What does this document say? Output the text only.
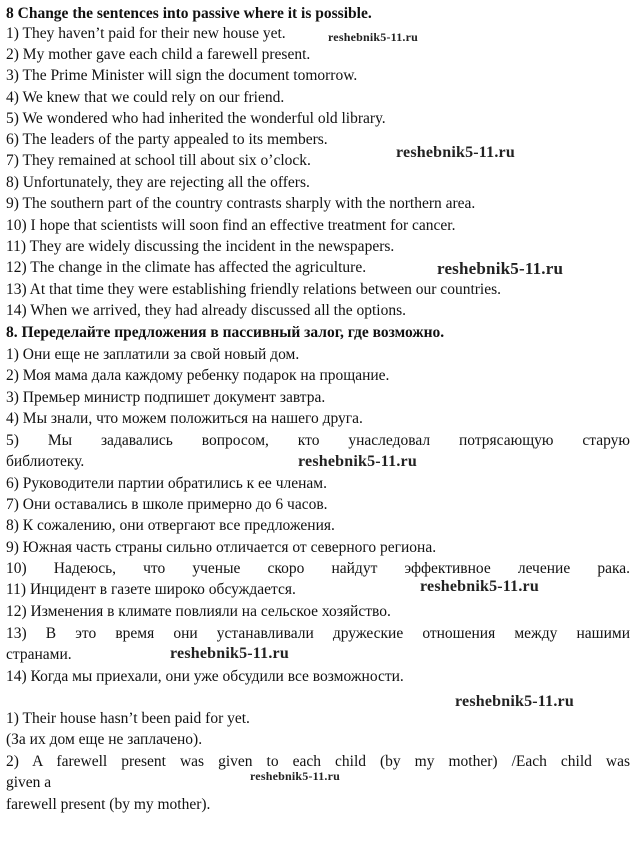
8 Change the sentences into passive where it is possible.
1) They haven’t paid for their new house yet.
2) My mother gave each child a farewell present.
3) The Prime Minister will sign the document tomorrow.
4) We knew that we could rely on our friend.
5) We wondered who had inherited the wonderful old library.
6) The leaders of the party appealed to its members.
7) They remained at school till about six o’clock.
8) Unfortunately, they are rejecting all the offers.
9) The southern part of the country contrasts sharply with the northern area.
10) I hope that scientists will soon find an effective treatment for cancer.
11) They are widely discussing the incident in the newspapers.
12) The change in the climate has affected the agriculture.
13) At that time they were establishing friendly relations between our countries.
14) When we arrived, they had already discussed all the options.
8. Переделайте предложения в пассивный залог, где возможно.
1) Они еще не заплатили за свой новый дом.
2) Моя мама дала каждому ребенку подарок на прощание.
3) Премьер министр подпишет документ завтра.
4) Мы знали, что можем положиться на нашего друга.
5) Мы задавались вопросом, кто унаследовал потрясающую старую
библиотеку.
6) Руководители партии обратились к ее членам.
7) Они оставались в школе примерно до 6 часов.
8) К сожалению, они отвергают все предложения.
9) Южная часть страны сильно отличается от северного региона.
10) Надеюсь, что ученые скоро найдут эффективное лечение рака.
11) Инцидент в газете широко обсуждается.
12) Изменения в климате повлияли на сельское хозяйство.
13) В это время они устанавливали дружеские отношения между нашими
странами.
14) Когда мы приехали, они уже обсудили все возможности.
1) Their house hasn’t been paid for yet.
(За их дом еще не заплачено).
2) A farewell present was given to each child (by my mother) /Each child was
given a
farewell present (by my mother).
reshebnik5-11.ru
reshebnik5-11.ru
reshebnik5-11.ru
reshebnik5-11.ru
reshebnik5-11.ru
reshebnik5-11.ru
reshebnik5-11.ru
reshebnik5-11.ru
